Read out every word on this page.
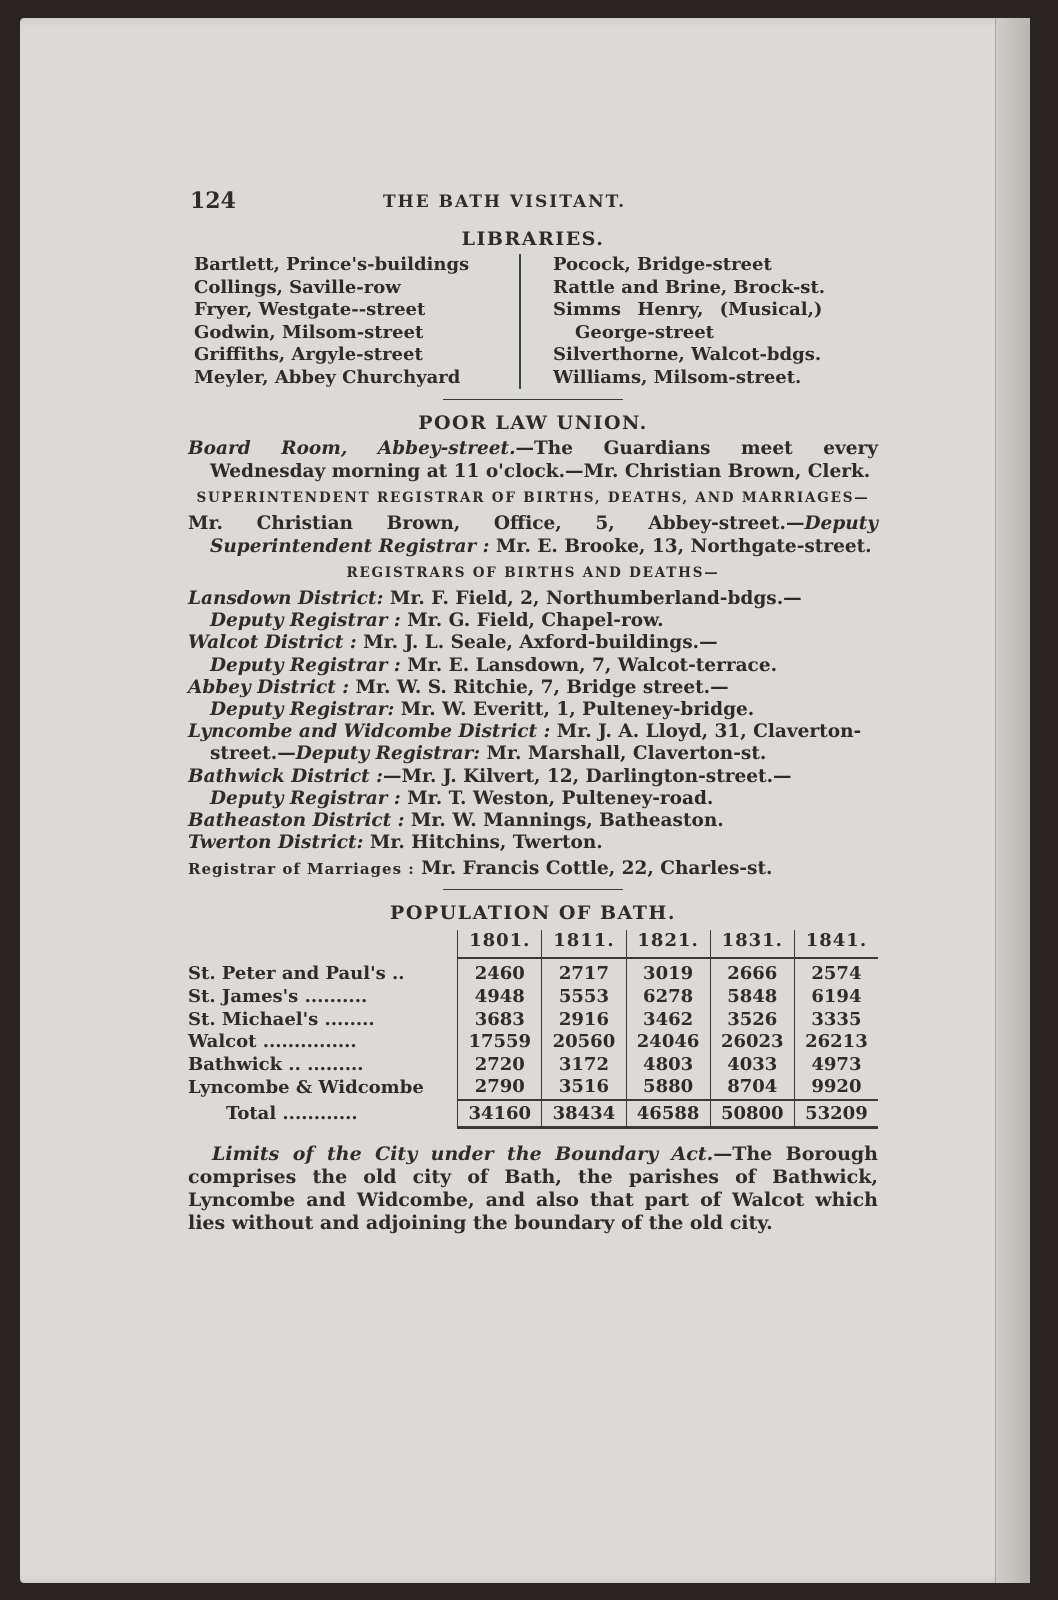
124	THE BATH VISITANT.
LIBRARIES.
Bartlett, Prince's-buildings
Collings, Saville-row
Fryer, Westgate--street
Godwin, Milsom-street
Griffiths, Argyle-street
Meyler, Abbey Churchyard
Pocock, Bridge-street
Rattle and Brine, Brock-st.
Simms Henry, (Musical,)
George-street
Silverthorne, Walcot-bdgs.
Williams, Milsom-street.
POOR LAW UNION.
Board Room, Abbey-street.—The Guardians meet every Wednesday morning at 11 o'clock.—Mr. Christian Brown, Clerk.
SUPERINTENDENT REGISTRAR OF BIRTHS, DEATHS, AND MARRIAGES—
Mr. Christian Brown, Office, 5, Abbey-street.—Deputy Superintendent Registrar : Mr. E. Brooke, 13, Northgate-street.
REGISTRARS OF BIRTHS AND DEATHS—
Lansdown District: Mr. F. Field, 2, Northumberland-bdgs.—
Deputy Registrar : Mr. G. Field, Chapel-row.
Walcot District : Mr. J. L. Seale, Axford-buildings.—
Deputy Registrar : Mr. E. Lansdown, 7, Walcot-terrace.
Abbey District : Mr. W. S. Ritchie, 7, Bridge street.—
Deputy Registrar: Mr. W. Everitt, 1, Pulteney-bridge.
Lyncombe and Widcombe District : Mr. J. A. Lloyd, 31, Claverton-street.—Deputy Registrar: Mr. Marshall, Claverton-st.
Bathwick District :—Mr. J. Kilvert, 12, Darlington-street.—
Deputy Registrar : Mr. T. Weston, Pulteney-road.
Batheaston District : Mr. W. Mannings, Batheaston.
Twerton District: Mr. Hitchins, Twerton.
Registrar of Marriages : Mr. Francis Cottle, 22, Charles-st.
POPULATION OF BATH.
	1801.	1811.	1821.	1831.	1841.
St. Peter and Paul's ..	2460	2717	3019	2666	2574
St. James's ..........	4948	5553	6278	5848	6194
St. Michael's ........	3683	2916	3462	3526	3335
Walcot ...............	17559	20560	24046	26023	26213
Bathwick .. .........	2720	3172	4803	4033	4973
Lyncombe & Widcombe	2790	3516	5880	8704	9920
Total ............	34160	38434	46588	50800	53209
Limits of the City under the Boundary Act.—The Borough comprises the old city of Bath, the parishes of Bathwick, Lyncombe and Widcombe, and also that part of Walcot which lies without and adjoining the boundary of the old city.
